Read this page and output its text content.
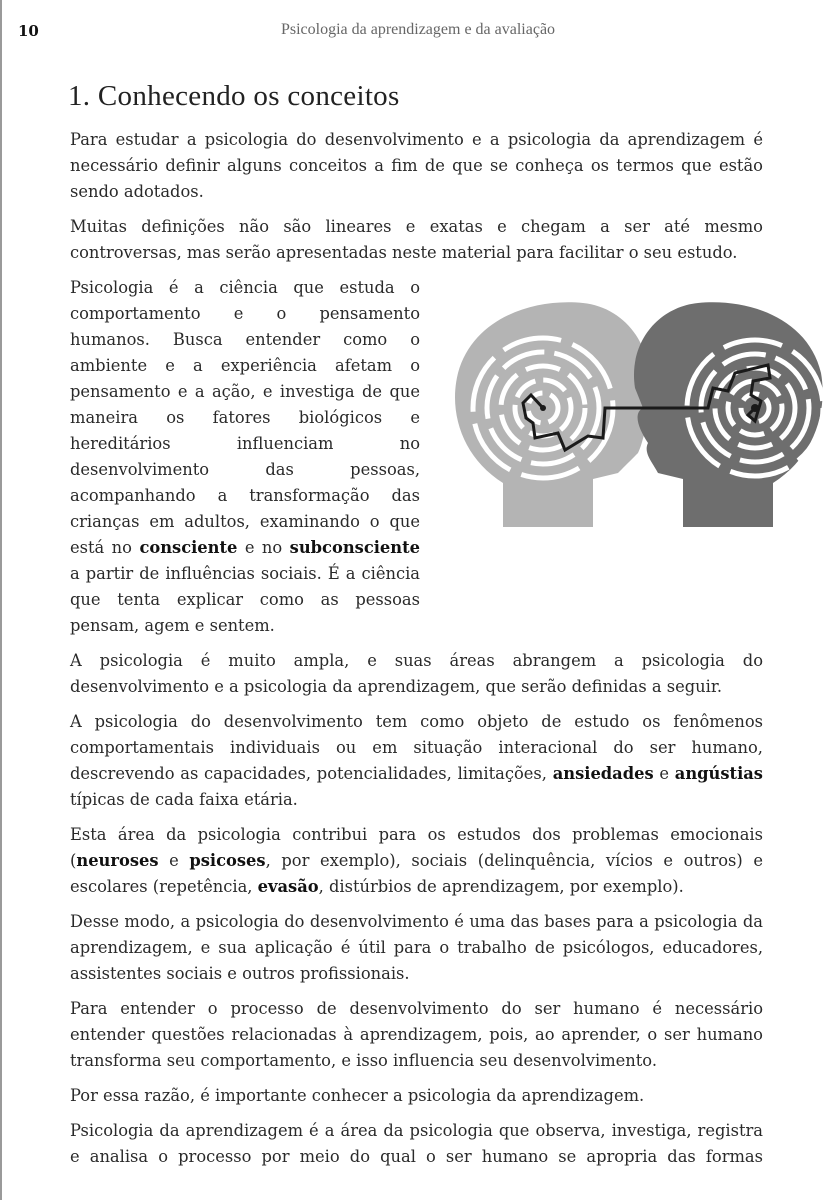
10	Psicologia da aprendizagem e da avaliação
1. Conhecendo os conceitos

Para estudar a psicologia do desenvolvimento e a psicologia da aprendizagem é necessário definir alguns conceitos a fim de que se conheça os termos que estão sendo adotados.

Muitas definições não são lineares e exatas e chegam a ser até mesmo controversas, mas serão apresentadas neste material para facilitar o seu estudo.

Psicologia é a ciência que estuda o comportamento e o pensamento humanos. Busca entender como o ambiente e a experiência afetam o pensamento e a ação, e investiga de que maneira os fatores biológicos e hereditários influenciam no desenvolvimento das pessoas, acompanhando a transformação das crianças em adultos, examinando o que está no consciente e no subconsciente a partir de influências sociais. É a ciência que tenta explicar como as pessoas pensam, agem e sentem.

A psicologia é muito ampla, e suas áreas abrangem a psicologia do desenvolvimento e a psicologia da aprendizagem, que serão definidas a seguir.

A psicologia do desenvolvimento tem como objeto de estudo os fenômenos comportamentais individuais ou em situação interacional do ser humano, descrevendo as capacidades, potencialidades, limitações, ansiedades e angústias típicas de cada faixa etária.

Esta área da psicologia contribui para os estudos dos problemas emocionais (neuroses e psicoses, por exemplo), sociais (delinquência, vícios e outros) e escolares (repetência, evasão, distúrbios de aprendizagem, por exemplo).

Desse modo, a psicologia do desenvolvimento é uma das bases para a psicologia da aprendizagem, e sua aplicação é útil para o trabalho de psicólogos, educadores, assistentes sociais e outros profissionais.

Para entender o processo de desenvolvimento do ser humano é necessário entender questões relacionadas à aprendizagem, pois, ao aprender, o ser humano transforma seu comportamento, e isso influencia seu desenvolvimento.

Por essa razão, é importante conhecer a psicologia da aprendizagem.

Psicologia da aprendizagem é a área da psicologia que observa, investiga, registra e analisa o processo por meio do qual o ser humano se apropria das formas
